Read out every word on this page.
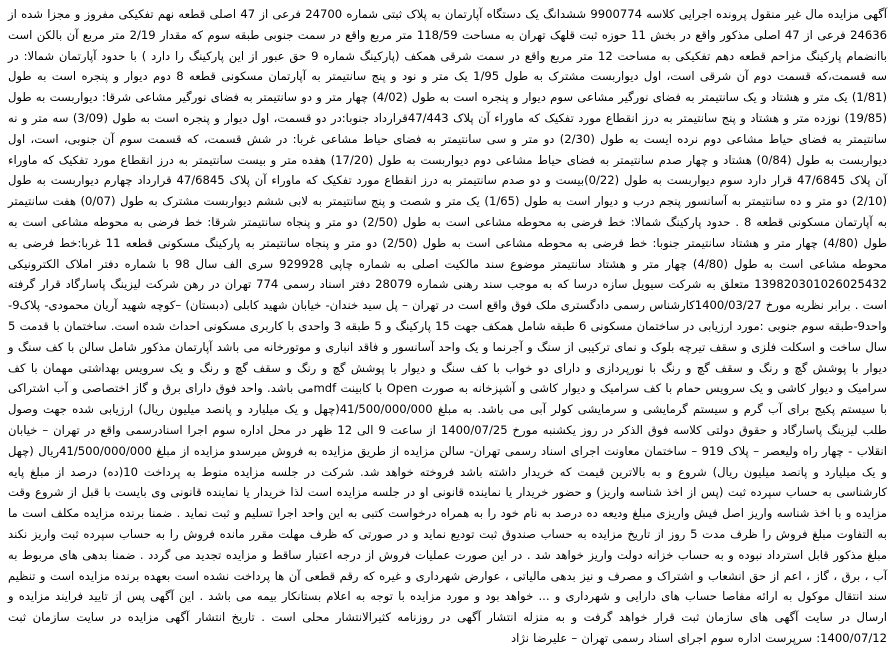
آگهی مزایده مال غیر منقول پرونده اجرایی کلاسه 9900774 ششدانگ یک دستگاه آپارتمان به پلاک ثبتی شماره 24700 فرعی از 47 اصلی قطعه نهم تفکیکی مفروز و مجزا شده از 24636 فرعی از 47 اصلی مذکور واقع در بخش 11 حوزه ثبت قلهک تهران به مساحت 118/59 متر مربع واقع در سمت جنوبی طبقه سوم که مقدار 2/19 متر مربع آن بالکن است باانضمام پارکینگ مزاحم قطعه دهم تفکیکی به مساحت 12 متر مربع واقع در سمت شرقی همکف (پارکینگ شماره 9 حق عبور از این پارکینگ را دارد ) با حدود آپارتمان شمالا: در سه قسمت،که قسمت دوم آن شرقی است، اول دیوار‌بست مشترک به طول 1/95 یک متر و نود و پنج سانتیمتر به آپارتمان مسکونی قطعه 8 دوم دیوار و پنجره است به طول (1/81) یک متر و هشتاد و یک سانتیمتر به فضای نورگیر مشاعی سوم دیوار و پنجره است به طول (4/02) چهار متر و دو سانتیمتر به فضای نورگیر مشاعی شرقا: دیوار‌بست به طول (19/85) نوزده متر و هشتاد و پنج سانتیمتر به درز انقطاع مورد تفکیک که ماوراء آن پلاک 47/443قرارداد جنوبا:در دو قسمت، اول دیوار و پنجره است به طول (3/09) سه متر و نه سانتیمتر به فضای حیاط مشاعی دوم نرده ایست به طول (2/30) دو متر و سی سانتیمتر به فضای حیاط مشاعی غربا: در شش قسمت، که قسمت سوم آن جنوبی، است، اول دیوار‌بست به طول (0/84) هشتاد و چهار صدم سانتیمتر به فضای حیاط مشاعی دوم دیوار‌بست به طول (17/20) هفده متر و بیست سانتیمتر به درز انقطاع مورد تفکیک که ماوراء آن پلاک 47/6845 قرار دارد سوم دیوار‌بست به طول (0/22)بیست و دو صدم سانتیمتر به درز انقطاع مورد تفکیک که ماوراء آن پلاک 47/6845 قرارداد چهارم دیوار‌بست به طول (2/10) دو متر و ده سانتیمتر به آسانسور پنجم درب و دیوار است به طول (1/65) یک متر و شصت و پنج سانتیمتر به لابی ششم دیوار‌بست مشترک به طول (0/07) هفت سانتیمتر به آپارتمان مسکونی قطعه 8 . حدود پارکینگ شمالا: خط فرضی به محوطه مشاعی است به طول (2/50) دو متر و پنجاه سانتیمتر شرقا: خط فرضی به محوطه مشاعی است به طول (4/80) چهار متر و هشتاد سانتیمتر جنوبا: خط فرضی به محوطه مشاعی است به طول (2/50) دو متر و پنجاه سانتیمتر به پارکینگ مسکونی قطعه 11 غربا:خط فرضی به محوطه مشاعی است به طول (4/80) چهار متر و هشتاد سانتیمتر موضوع سند مالکیت اصلی به شماره چاپی 929928 سری الف سال 98 با شماره دفتر املاک الکترونیکی 139820301026025432 متعلق به شرکت سیویل سازه درسا که به موجب سند رهنی شماره 28079 دفتر اسناد رسمی 774 تهران در رهن شرکت لیزینگ پاسارگاد قرار گرفته است . برابر نظریه مورخ 1400/03/27کارشناس رسمی دادگستری ملک فوق واقع است در تهران – پل سید خندان- خیابان شهید کابلی (دبستان) –کوچه شهید آریان محمودی- پلاک9-واحد9-طبقه سوم جنوبی :مورد ارزیابی در ساختمان مسکونی 6 طبقه شامل همکف جهت 15 پارکینگ و 5 طبقه 3 واحدی با کاربری مسکونی احداث شده است. ساختمان با قدمت 5 سال ساخت و اسکلت فلزی و سقف تیرچه بلوک و نمای ترکیبی از سنگ و آجرنما و یک واحد آسانسور و فاقد انباری و موتورخانه می باشد آپارتمان مذکور شامل سالن با کف سنگ و دیوار با پوشش گچ و رنگ و سقف گچ و رنگ با نورپردازی و دارای دو خواب با کف سنگ و دیوار با پوشش گچ و رنگ و سقف گچ و رنگ و یک سرویس بهداشتی مهمان با کف سرامیک و دیوار کاشی و یک سرویس حمام با کف سرامیک و دیوار کاشی و آشپزخانه به صورت Open با کابینت mdfمی باشد. واحد فوق دارای برق و گاز اختصاصی و آب اشتراکی با سیستم پکیج برای آب گرم و سیستم گرمایشی و سرمایشی کولر آبی می باشد. به مبلغ 41/500/000/000(چهل و یک میلیارد و پانصد میلیون ریال) ارزیابی شده جهت وصول طلب لیزینگ پاسارگاد و حقوق دولتی کلاسه فوق الذکر در روز یکشنبه مورخ 1400/07/25 از ساعت 9 الی 12 ظهر در محل اداره سوم اجرا اسنادرسمی واقع در تهران – خیابان انقلاب - چهار راه ولیعصر – پلاک 919 – ساختمان معاونت اجرای اسناد رسمی تهران- سالن مزایده از طریق مزایده به فروش میرسدو مزایده از مبلغ 41/500/000/000ریال (چهل و یک میلیارد و پانصد میلیون ریال) شروع و به بالاترین قیمت که خریدار داشته باشد فروخته خواهد شد. شرکت در جلسه مزایده منوط به پرداخت 10(ده) درصد از مبلغ پایه کارشناسی به حساب سپرده ثبت (پس از اخذ شناسه واریز) و حضور خریدار یا نماینده قانونی او در جلسه مزایده است لذا خریدار یا نماینده قانونی وی بایست با قبل از شروع وقت مزایده و با اخذ شناسه واریز اصل فیش واریزی مبلغ ودیعه ده درصد به نام خود را به همراه درخواست کتبی به این واحد اجرا تسلیم و ثبت نماید . ضمنا برنده مزایده مکلف است ما به التفاوت مبلغ فروش را ظرف مدت 5 روز از تاریخ مزایده به حساب صندوق ثبت تودیع نماید و در صورتی که ظرف مهلت مقرر مانده فروش را به حساب سپرده ثبت واریز نکند مبلغ مذکور قابل استرداد نبوده و به حساب خزانه دولت واریز خواهد شد . در این صورت عملیات فروش از درجه اعتبار ساقط و مزایده تجدید می گردد . ضمنا بدهی های مربوط به آب ، برق ، گاز ، اعم از حق انشعاب و اشتراک و مصرف و نیز بدهی مالیاتی ، عوارض شهرداری و غیره که رقم قطعی آن ها پرداخت نشده است بعهده برنده مزایده است و تنظیم سند انتقال موکول به ارائه مفاصا حساب های دارایی و شهرداری و ... خواهد بود و مورد مزایده با توجه به اعلام بستانکار بیمه می باشد . این آگهی پس از تایید فرایند مزایده و ارسال در سایت آگهی های سازمان ثبت قرار خواهد گرفت و به منزله انتشار آگهی در روزنامه کثیرالانتشار محلی است . تاریخ انتشار آگهی مزایده در سایت سازمان ثبت 1400/07/12: سرپرست اداره سوم اجرای اسناد رسمی تهران – علیرضا نژاد
